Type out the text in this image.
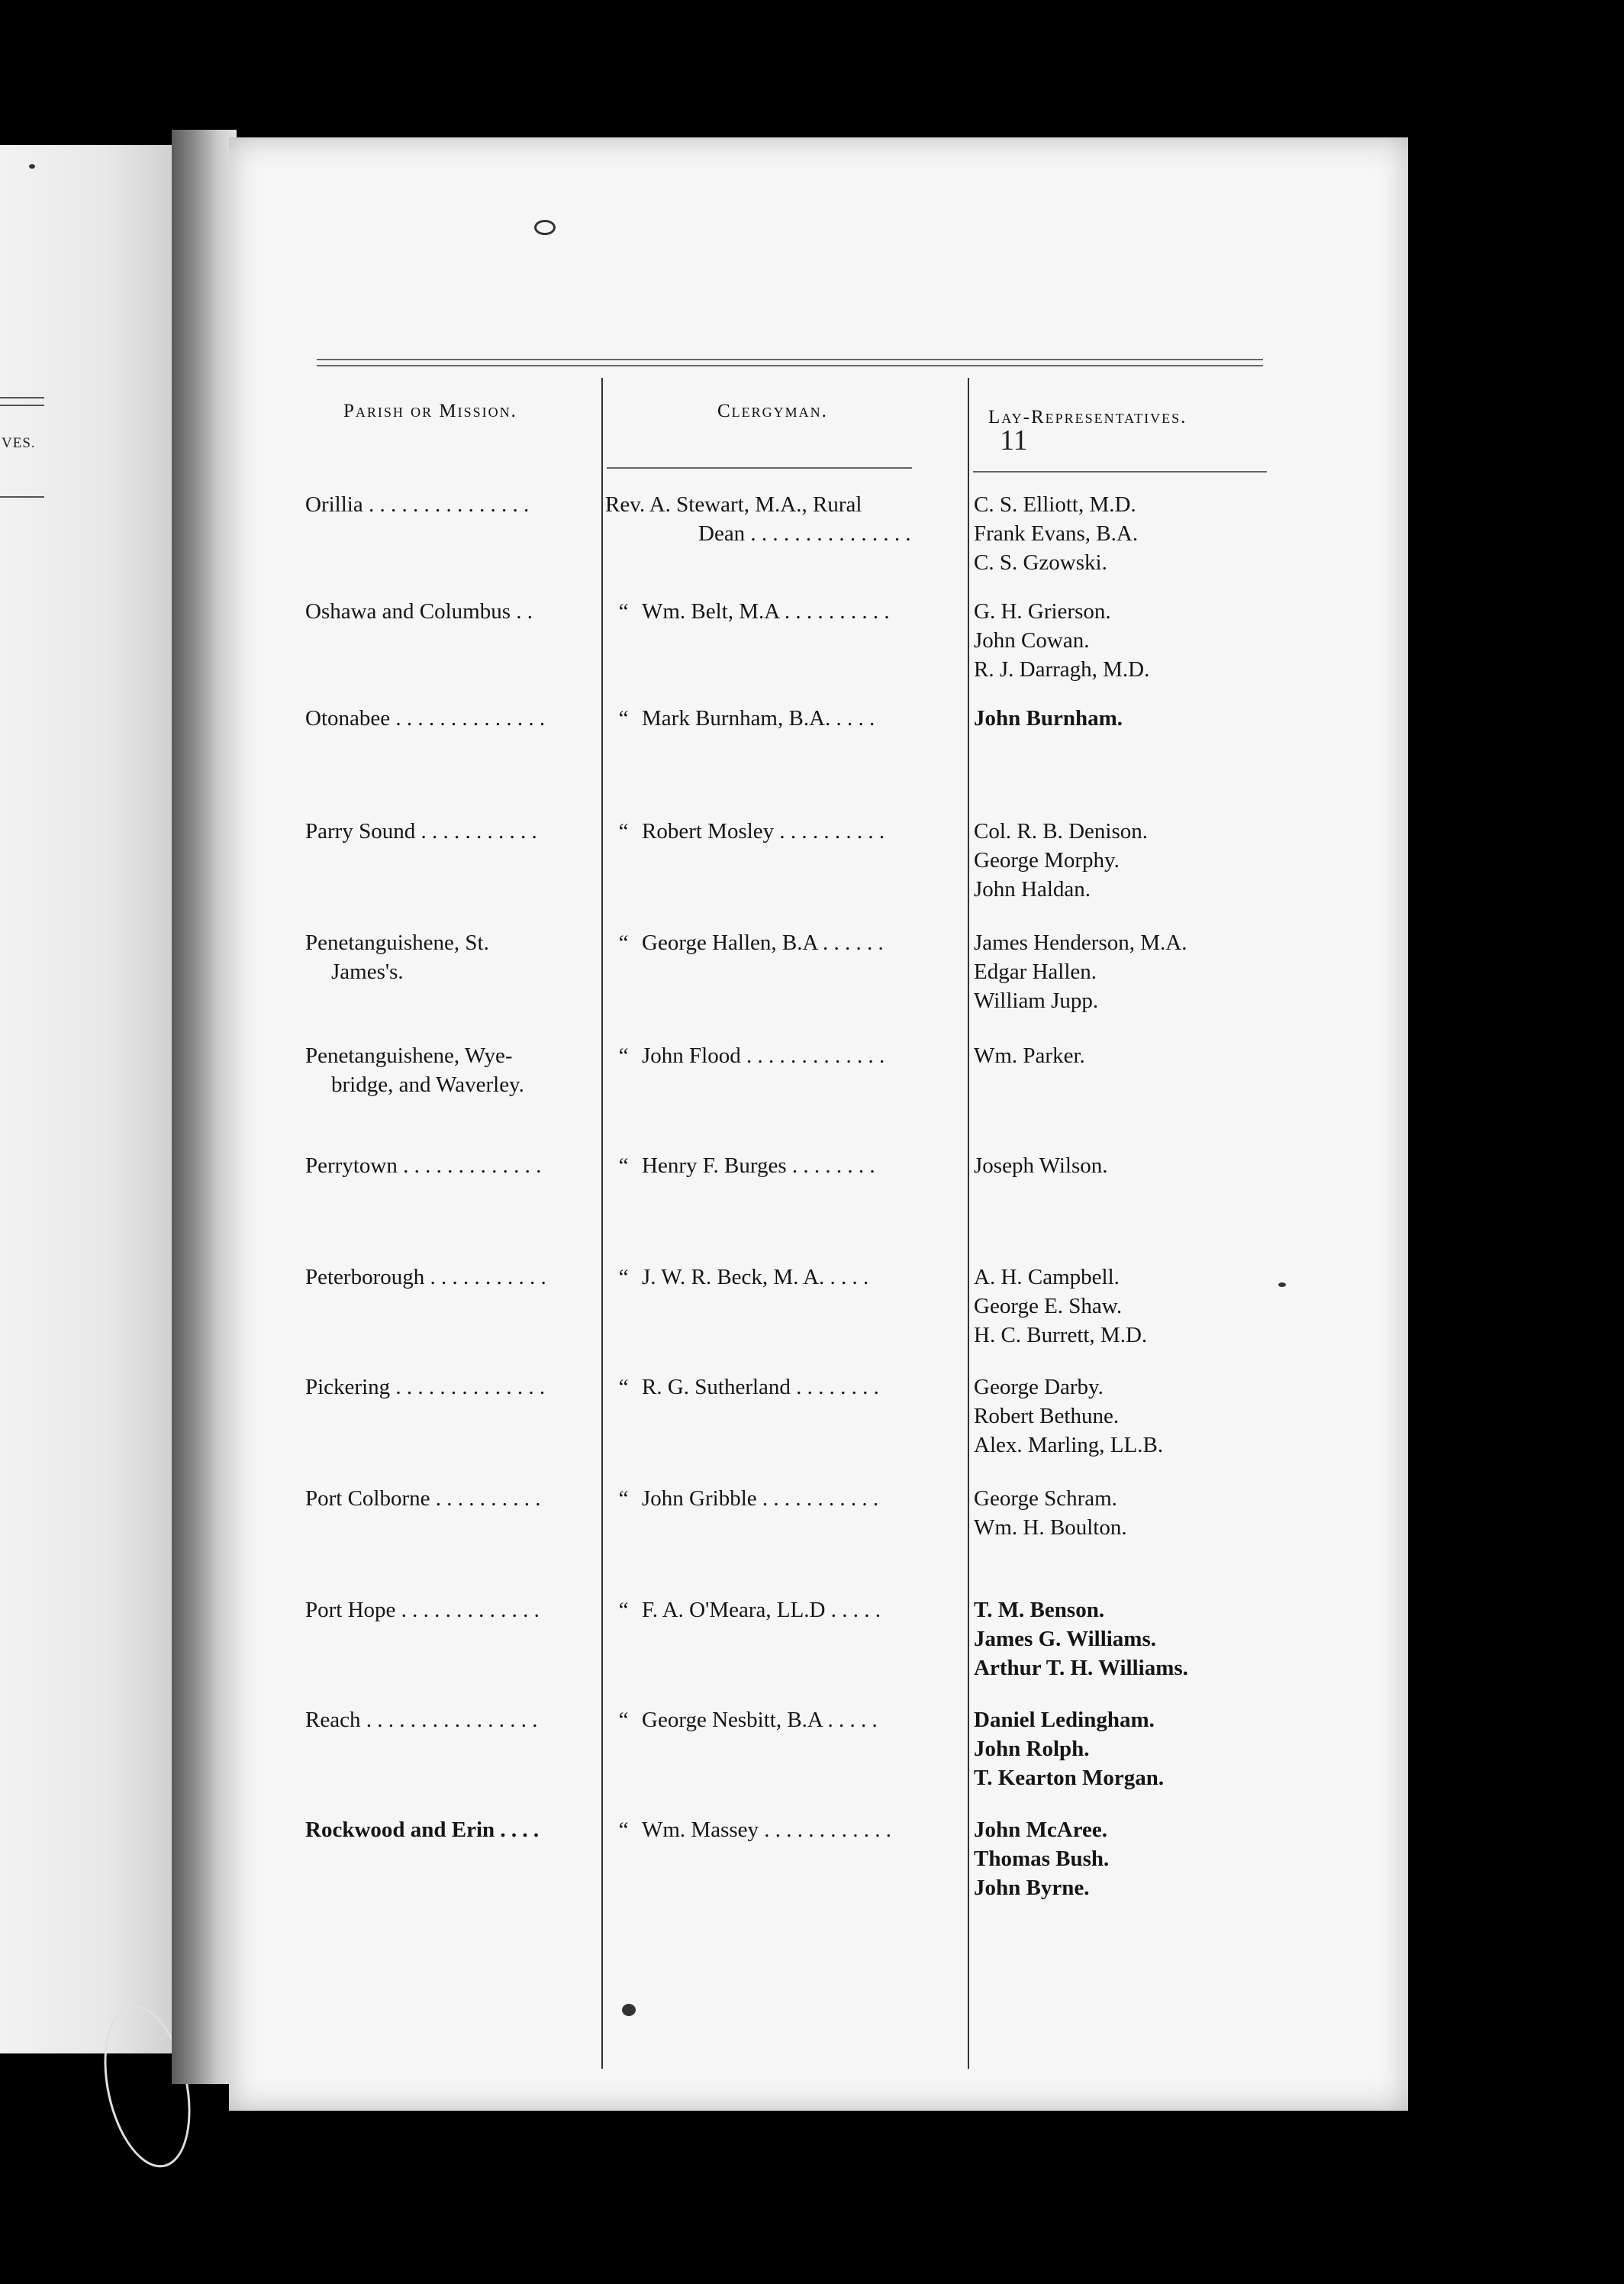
VES.	11
Parish or Mission.	Clergyman.	Lay-Representatives.
Orillia . . . . . . . . . . . . . . .	Rev. A. Stewart, M.A., Rural
Dean . . . . . . . . . . . . . . .
C. S. Elliott, M.D.
Frank Evans, B.A.
C. S. Gzowski.
Oshawa and Columbus . .	“ Wm. Belt, M.A . . . . . . . . . .	G. H. Grierson.
John Cowan.
R. J. Darragh, M.D.
Otonabee . . . . . . . . . . . . . .	“ Mark Burnham, B.A. . . . .	John Burnham.
Parry Sound . . . . . . . . . . .	“ Robert Mosley . . . . . . . . . .	Col. R. B. Denison.
George Morphy.
John Haldan.
Penetanguishene, St.
James's.
“ George Hallen, B.A . . . . . .	James Henderson, M.A.
Edgar Hallen.
William Jupp.
Penetanguishene, Wye-
bridge, and Waverley.
“ John Flood . . . . . . . . . . . . .	Wm. Parker.
Perrytown . . . . . . . . . . . . .	“ Henry F. Burges . . . . . . . .	Joseph Wilson.
Peterborough . . . . . . . . . . .	“ J. W. R. Beck, M. A. . . . .	A. H. Campbell.
George E. Shaw.
H. C. Burrett, M.D.
Pickering . . . . . . . . . . . . . .	“ R. G. Sutherland . . . . . . . .	George Darby.
Robert Bethune.
Alex. Marling, LL.B.
Port Colborne . . . . . . . . . .	“ John Gribble . . . . . . . . . . .	George Schram.
Wm. H. Boulton.
Port Hope . . . . . . . . . . . . .	“ F. A. O'Meara, LL.D . . . . .	T. M. Benson.
James G. Williams.
Arthur T. H. Williams.
Reach . . . . . . . . . . . . . . . .	“ George Nesbitt, B.A . . . . .	Daniel Ledingham.
John Rolph.
T. Kearton Morgan.
Rockwood and Erin . . . .	“ Wm. Massey . . . . . . . . . . . .	John McAree.
Thomas Bush.
John Byrne.
